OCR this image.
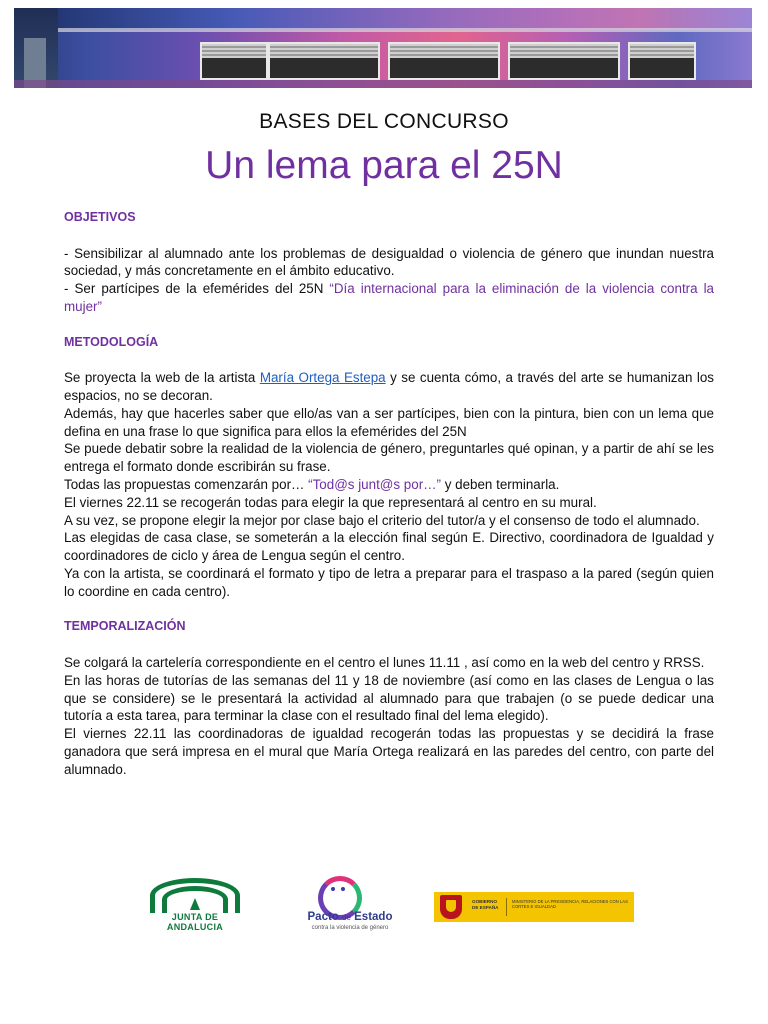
BASES DEL CONCURSO
Un lema para el 25N

OBJETIVOS

- Sensibilizar al alumnado ante los problemas de desigualdad o violencia de género que inundan nuestra sociedad, y más concretamente en el ámbito educativo.

- Ser partícipes de la efemérides del 25N “Día internacional para la eliminación de la violencia contra la mujer”

METODOLOGÍA

Se proyecta la web de la artista María Ortega Estepa y se cuenta cómo, a través del arte se humanizan los espacios, no se decoran.

Además, hay que hacerles saber que ello/as van a ser partícipes, bien con la pintura, bien con un lema que defina en una frase lo que significa para ellos la efemérides del 25N

Se puede debatir sobre la realidad de la violencia de género, preguntarles qué opinan, y a partir de ahí se les entrega el formato donde escribirán su frase.

Todas las propuestas comenzarán por… “Tod@s junt@s por…” y deben terminarla.

El viernes 22.11 se recogerán todas para elegir la que representará al centro en su mural.

A su vez, se propone elegir la mejor por clase bajo el criterio del tutor/a y el consenso de todo el alumnado.

Las elegidas de casa clase, se someterán a la elección final según E. Directivo, coordinadora de Igualdad y coordinadores de ciclo y área de Lengua según el centro.

Ya con la artista, se coordinará el formato y tipo de letra a preparar para el traspaso a la pared (según quien lo coordine en cada centro).

TEMPORALIZACIÓN

Se colgará la cartelería correspondiente en el centro el lunes 11.11 , así como en la web del centro y RRSS.

En las horas de tutorías de las semanas del 11 y 18 de noviembre (así como en las clases de Lengua o las que se considere) se le presentará la actividad al alumnado para que trabajen (o se puede dedicar una tutoría a esta tarea, para terminar la clase con el resultado final del lema elegido).

El viernes 22.11 las coordinadoras de igualdad recogerán todas las propuestas y se decidirá la frase ganadora que será impresa en el mural que María Ortega realizará en las paredes del centro, con parte del alumnado.

JUNTA DE ANDALUCIA
Pacto de Estado
contra la violencia de género
GOBIERNO
DE ESPAÑA
MINISTERIO DE LA PRESIDENCIA, RELACIONES CON LAS CORTES E IGUALDAD
